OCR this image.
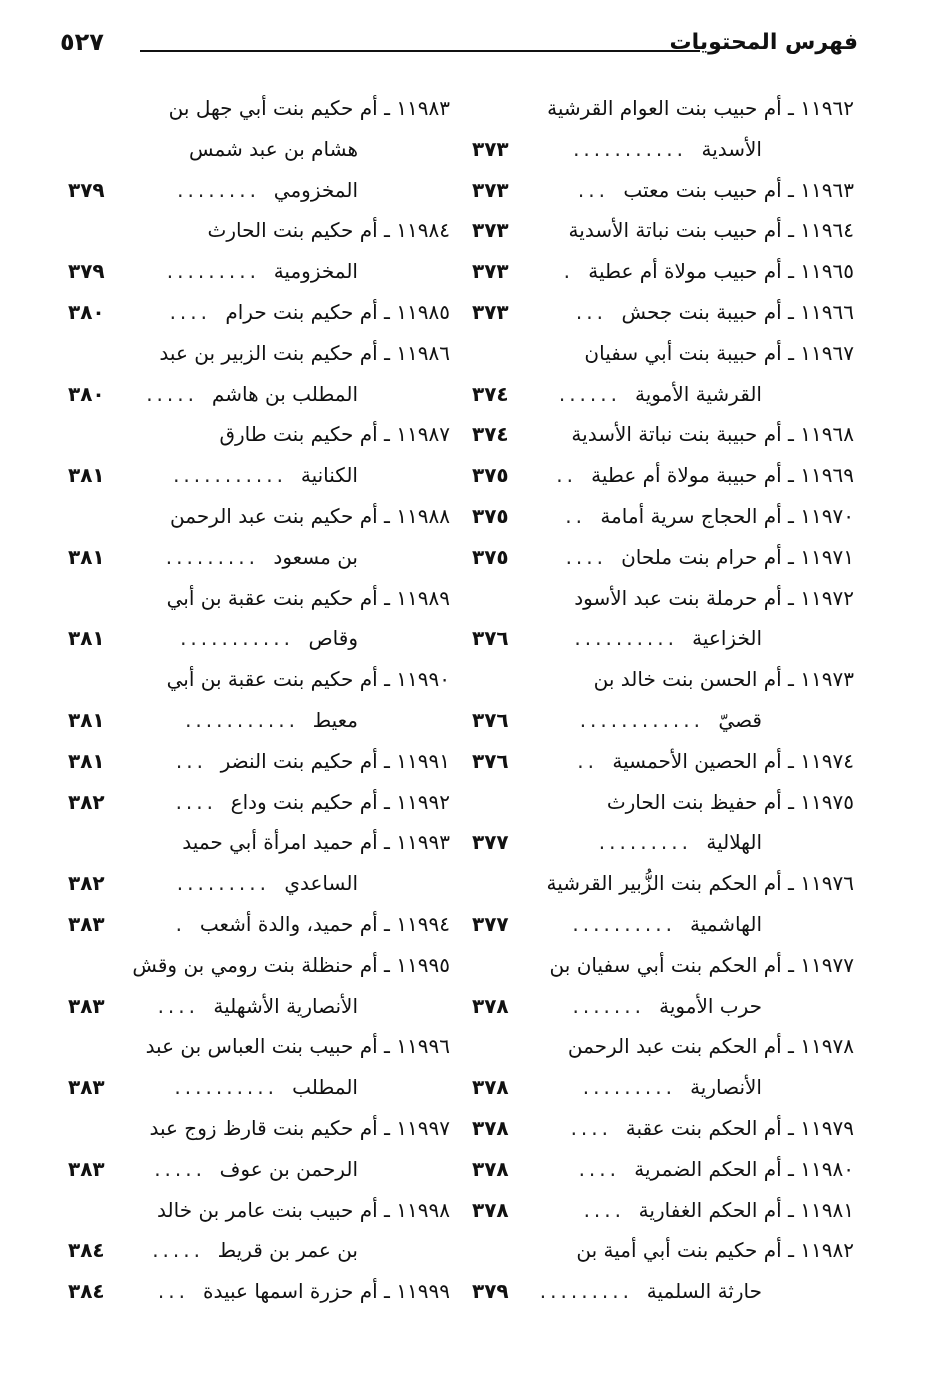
فهرس المحتويات
٥٢٧
١١٩٦٢ ـ أم حبيب بنت العوام القرشية
الأسدية
...........
٣٧٣
١١٩٦٣ ـ أم حبيب بنت معتب
...
٣٧٣
١١٩٦٤ ـ أم حبيب بنت نباتة الأسدية
٣٧٣
١١٩٦٥ ـ أم حبيب مولاة أم عطية
.
٣٧٣
١١٩٦٦ ـ أم حبيبة بنت جحش
...
٣٧٣
١١٩٦٧ ـ أم حبيبة بنت أبي سفيان
القرشية الأموية
......
٣٧٤
١١٩٦٨ ـ أم حبيبة بنت نباتة الأسدية
٣٧٤
١١٩٦٩ ـ أم حبيبة مولاة أم عطية
..
٣٧٥
١١٩٧٠ ـ أم الحجاج سرية أمامة
..
٣٧٥
١١٩٧١ ـ أم حرام بنت ملحان
....
٣٧٥
١١٩٧٢ ـ أم حرملة بنت عبد الأسود
الخزاعية
..........
٣٧٦
١١٩٧٣ ـ أم الحسن بنت خالد بن
قصيّ
............
٣٧٦
١١٩٧٤ ـ أم الحصين الأحمسية
..
٣٧٦
١١٩٧٥ ـ أم حفيظ بنت الحارث
الهلالية
.........
٣٧٧
١١٩٧٦ ـ أم الحكم بنت الزُّبير القرشية
الهاشمية
..........
٣٧٧
١١٩٧٧ ـ أم الحكم بنت أبي سفيان بن
حرب الأموية
.......
٣٧٨
١١٩٧٨ ـ أم الحكم بنت عبد الرحمن
الأنصارية
.........
٣٧٨
١١٩٧٩ ـ أم الحكم بنت عقبة
....
٣٧٨
١١٩٨٠ ـ أم الحكم الضمرية
....
٣٧٨
١١٩٨١ ـ أم الحكم الغفارية
....
٣٧٨
١١٩٨٢ ـ أم حكيم بنت أبي أمية بن
حارثة السلمية
.........
٣٧٩
١١٩٨٣ ـ أم حكيم بنت أبي جهل بن
هشام بن عبد شمس
المخزومي
........
٣٧٩
١١٩٨٤ ـ أم حكيم بنت الحارث
المخزومية
.........
٣٧٩
١١٩٨٥ ـ أم حكيم بنت حرام
....
٣٨٠
١١٩٨٦ ـ أم حكيم بنت الزبير بن عبد
المطلب بن هاشم
.....
٣٨٠
١١٩٨٧ ـ أم حكيم بنت طارق
الكنانية
...........
٣٨١
١١٩٨٨ ـ أم حكيم بنت عبد الرحمن
بن مسعود
.........
٣٨١
١١٩٨٩ ـ أم حكيم بنت عقبة بن أبي
وقاص
...........
٣٨١
١١٩٩٠ ـ أم حكيم بنت عقبة بن أبي
معيط
...........
٣٨١
١١٩٩١ ـ أم حكيم بنت النضر
...
٣٨١
١١٩٩٢ ـ أم حكيم بنت وداع
....
٣٨٢
١١٩٩٣ ـ أم حميد امرأة أبي حميد
الساعدي
.........
٣٨٢
١١٩٩٤ ـ أم حميد، والدة أشعب
.
٣٨٣
١١٩٩٥ ـ أم حنظلة بنت رومي بن وقش
الأنصارية الأشهلية
....
٣٨٣
١١٩٩٦ ـ أم حبيب بنت العباس بن عبد
المطلب
..........
٣٨٣
١١٩٩٧ ـ أم حكيم بنت قارظ زوج عبد
الرحمن بن عوف
.....
٣٨٣
١١٩٩٨ ـ أم حبيب بنت عامر بن خالد
بن عمر بن قريط
.....
٣٨٤
١١٩٩٩ ـ أم حزرة اسمها عبيدة
...
٣٨٤
